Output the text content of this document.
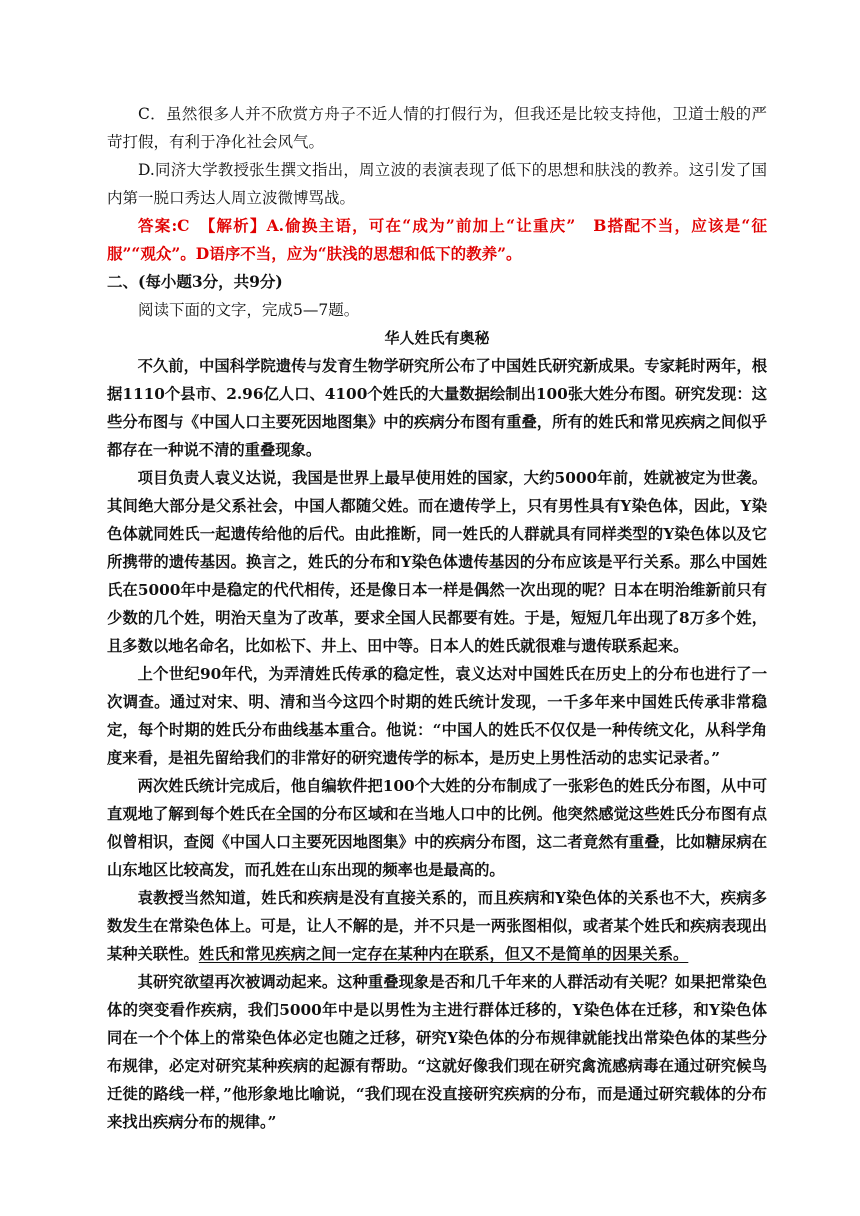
C．虽然很多人并不欣赏方舟子不近人情的打假行为，但我还是比较支持他，卫道士般的严苛打假，有利于净化社会风气。

D.同济大学教授张生撰文指出，周立波的表演表现了低下的思想和肤浅的教养。这引发了国内第一脱口秀达人周立波微博骂战。

答案:C　【解析】A.偷换主语，可在“成为”前加上“让重庆”　B搭配不当，应该是“征服”“观众”。D语序不当，应为“肤浅的思想和低下的教养”。

二、(每小题3分，共9分)

阅读下面的文字，完成5—7题。

华人姓氏有奥秘

不久前，中国科学院遗传与发育生物学研究所公布了中国姓氏研究新成果。专家耗时两年，根据1110个县市、2.96亿人口、4100个姓氏的大量数据绘制出100张大姓分布图。研究发现：这些分布图与《中国人口主要死因地图集》中的疾病分布图有重叠，所有的姓氏和常见疾病之间似乎都存在一种说不清的重叠现象。

项目负责人袁义达说，我国是世界上最早使用姓的国家，大约5000年前，姓就被定为世袭。其间绝大部分是父系社会，中国人都随父姓。而在遗传学上，只有男性具有Y染色体，因此，Y染色体就同姓氏一起遗传给他的后代。由此推断，同一姓氏的人群就具有同样类型的Y染色体以及它所携带的遗传基因。换言之，姓氏的分布和Y染色体遗传基因的分布应该是平行关系。那么中国姓氏在5000年中是稳定的代代相传，还是像日本一样是偶然一次出现的呢？日本在明治维新前只有少数的几个姓，明治天皇为了改革，要求全国人民都要有姓。于是，短短几年出现了8万多个姓，且多数以地名命名，比如松下、井上、田中等。日本人的姓氏就很难与遗传联系起来。

上个世纪90年代，为弄清姓氏传承的稳定性，袁义达对中国姓氏在历史上的分布也进行了一次调查。通过对宋、明、清和当今这四个时期的姓氏统计发现，一千多年来中国姓氏传承非常稳定，每个时期的姓氏分布曲线基本重合。他说：“中国人的姓氏不仅仅是一种传统文化，从科学角度来看，是祖先留给我们的非常好的研究遗传学的标本，是历史上男性活动的忠实记录者。”

两次姓氏统计完成后，他自编软件把100个大姓的分布制成了一张彩色的姓氏分布图，从中可直观地了解到每个姓氏在全国的分布区域和在当地人口中的比例。他突然感觉这些姓氏分布图有点似曾相识，查阅《中国人口主要死因地图集》中的疾病分布图，这二者竟然有重叠，比如糖尿病在山东地区比较高发，而孔姓在山东出现的频率也是最高的。

袁教授当然知道，姓氏和疾病是没有直接关系的，而且疾病和Y染色体的关系也不大，疾病多数发生在常染色体上。可是，让人不解的是，并不只是一两张图相似，或者某个姓氏和疾病表现出某种关联性。姓氏和常见疾病之间一定存在某种内在联系，但又不是简单的因果关系。

其研究欲望再次被调动起来。这种重叠现象是否和几千年来的人群活动有关呢？如果把常染色体的突变看作疾病，我们5000年中是以男性为主进行群体迁移的，Y染色体在迁移，和Y染色体同在一个个体上的常染色体必定也随之迁移，研究Y染色体的分布规律就能找出常染色体的某些分布规律，必定对研究某种疾病的起源有帮助。“这就好像我们现在研究禽流感病毒在通过研究候鸟迁徙的路线一样，”他形象地比喻说，“我们现在没直接研究疾病的分布，而是通过研究载体的分布来找出疾病分布的规律。”
